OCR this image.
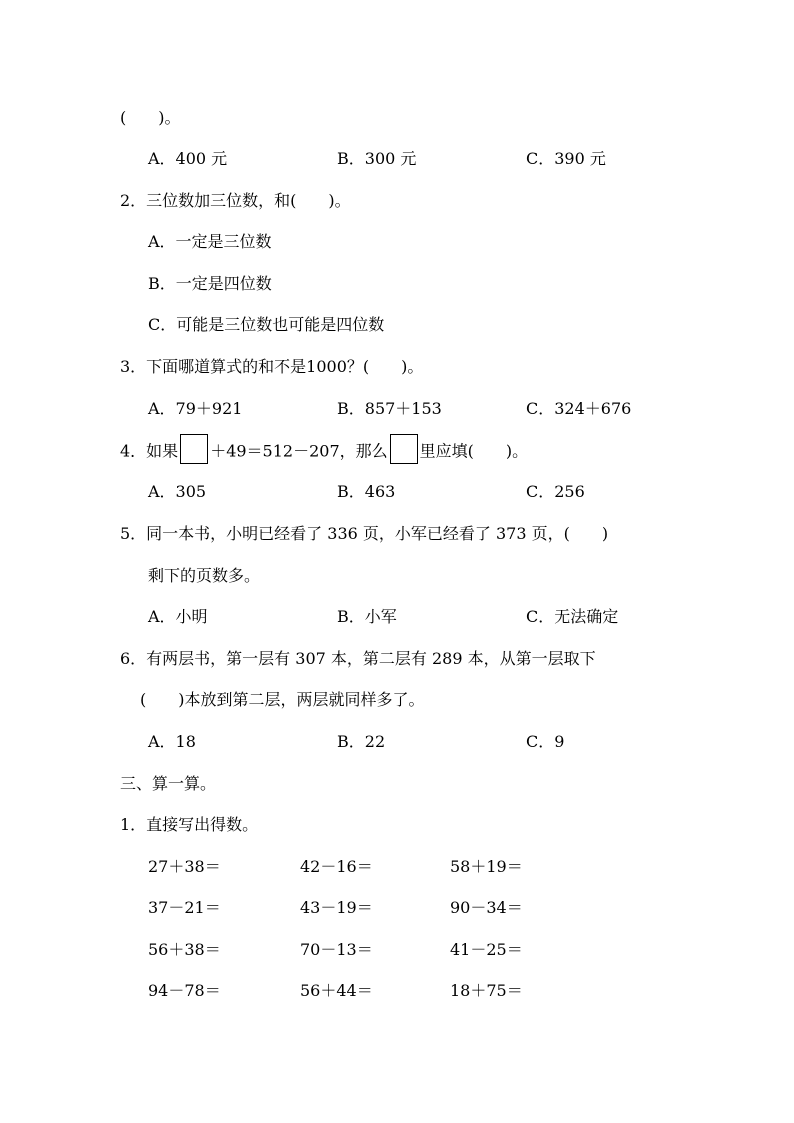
(　　)。
A．400 元	B．300 元	C．390 元
2．三位数加三位数，和(　　)。
A．一定是三位数
B．一定是四位数
C．可能是三位数也可能是四位数
3．下面哪道算式的和不是1000？(　　)。
A．79＋921	B．857＋153	C．324＋676
4．如果 ＋49＝512－207，那么 里应填(　　)。
A．305	B．463	C．256
5．同一本书，小明已经看了 336 页，小军已经看了 373 页，(　　)
剩下的页数多。
A．小明	B．小军	C．无法确定
6．有两层书，第一层有 307 本，第二层有 289 本，从第一层取下
(　　)本放到第二层，两层就同样多了。
A．18	B．22	C．9
三、算一算。
1．直接写出得数。
27＋38＝	42－16＝	58＋19＝
37－21＝	43－19＝	90－34＝
56＋38＝	70－13＝	41－25＝
94－78＝	56＋44＝	18＋75＝
